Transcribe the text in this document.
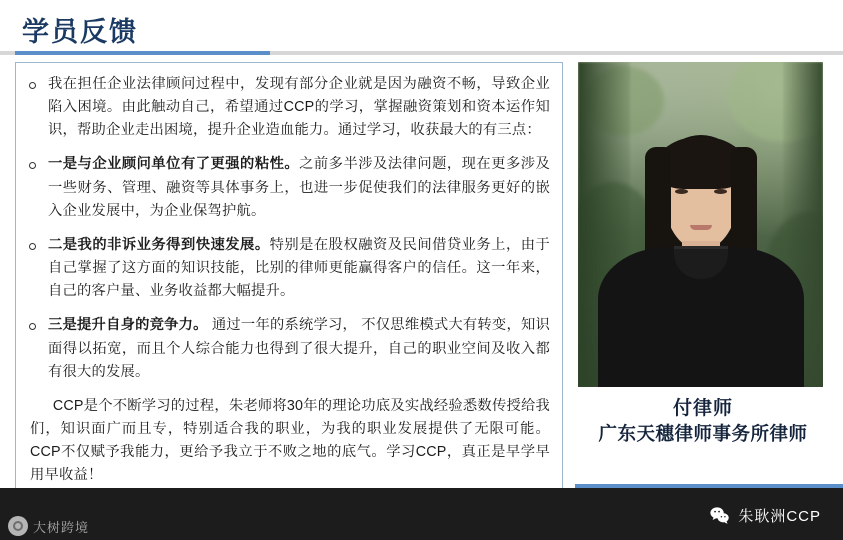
学员反馈
我在担任企业法律顾问过程中，发现有部分企业就是因为融资不畅，导致企业陷入困境。由此触动自己，希望通过CCP的学习，掌握融资策划和资本运作知识，帮助企业走出困境，提升企业造血能力。通过学习，收获最大的有三点：
一是与企业顾问单位有了更强的粘性。之前多半涉及法律问题，现在更多涉及一些财务、管理、融资等具体事务上，也进一步促使我们的法律服务更好的嵌入企业发展中，为企业保驾护航。
二是我的非诉业务得到快速发展。特别是在股权融资及民间借贷业务上，由于自己掌握了这方面的知识技能，比别的律师更能赢得客户的信任。这一年来，自己的客户量、业务收益都大幅提升。
三是提升自身的竞争力。 通过一年的系统学习， 不仅思维模式大有转变，知识面得以拓宽，而且个人综合能力也得到了很大提升，自己的职业空间及收入都有很大的发展。

CCP是个不断学习的过程，朱老师将30年的理论功底及实战经验悉数传授给我们，知识面广而且专，特别适合我的职业，为我的职业发展提供了无限可能。CCP不仅赋予我能力，更给予我立于不败之地的底气。学习CCP，真正是早学早用早收益！

付律师
广东天穗律师事务所律师
朱耿洲CCP
大树跨境
